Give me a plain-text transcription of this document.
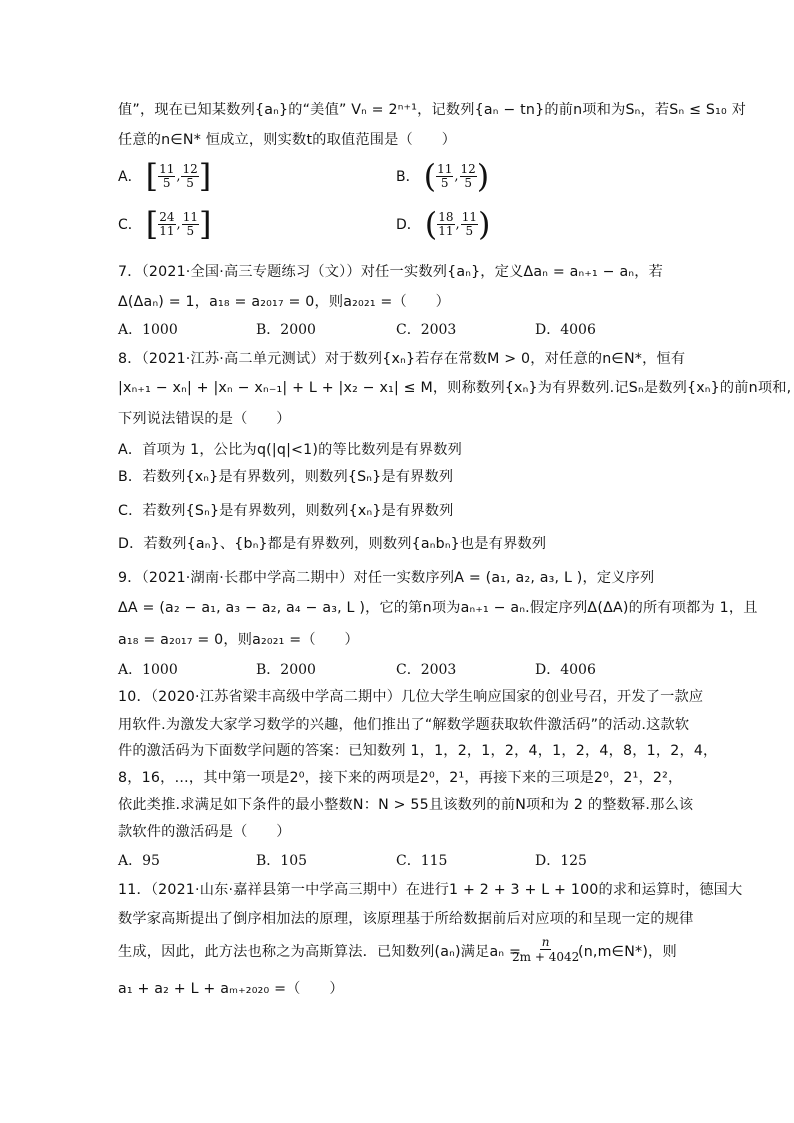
值”，现在已知某数列{aₙ}的“美值” Vₙ = 2ⁿ⁺¹，记数列{aₙ − tn}的前n项和为Sₙ，若Sₙ ≤ S₁₀ 对
任意的n∈N* 恒成立，则实数t的取值范围是（　　）
A． [ $\frac{11}{5}$ , $\frac{12}{5}$ ]	B． ( $\frac{11}{5}$ , $\frac{12}{5}$ )
C． [ $\frac{24}{11}$ , $\frac{11}{5}$ ]	D． ( $\frac{18}{11}$ , $\frac{11}{5}$ )
7．（2021·全国·高三专题练习（文））对任一实数列{aₙ}，定义Δaₙ = aₙ₊₁ − aₙ，若
Δ(Δaₙ) = 1，a₁₈ = a₂₀₁₇ = 0，则a₂₀₂₁ =（　　）
A．1000	B．2000	C．2003	D．4006
8．（2021·江苏·高二单元测试）对于数列{xₙ}若存在常数M > 0，对任意的n∈N*，恒有
|xₙ₊₁ − xₙ| + |xₙ − xₙ₋₁| + L + |x₂ − x₁| ≤ M，则称数列{xₙ}为有界数列.记Sₙ是数列{xₙ}的前n项和,
下列说法错误的是（　　）
A．首项为 1，公比为q(|q|<1)的等比数列是有界数列
B．若数列{xₙ}是有界数列，则数列{Sₙ}是有界数列
C．若数列{Sₙ}是有界数列，则数列{xₙ}是有界数列
D．若数列{aₙ}、{bₙ}都是有界数列，则数列{aₙbₙ}也是有界数列
9．（2021·湖南·长郡中学高二期中）对任一实数序列A = (a₁, a₂, a₃, L )，定义序列
ΔA = (a₂ − a₁, a₃ − a₂, a₄ − a₃, L )，它的第n项为aₙ₊₁ − aₙ.假定序列Δ(ΔA)的所有项都为 1，且
a₁₈ = a₂₀₁₇ = 0，则a₂₀₂₁ =（　　）
A．1000	B．2000	C．2003	D．4006
10．（2020·江苏省梁丰高级中学高二期中）几位大学生响应国家的创业号召，开发了一款应
用软件.为激发大家学习数学的兴趣，他们推出了“解数学题获取软件激活码”的活动.这款软
件的激活码为下面数学问题的答案：已知数列 1，1，2，1，2，4，1，2，4，8，1，2，4，
8，16，…，其中第一项是2⁰，接下来的两项是2⁰，2¹，再接下来的三项是2⁰，2¹，2²，
依此类推.求满足如下条件的最小整数N：N > 55且该数列的前N项和为 2 的整数幂.那么该
款软件的激活码是（　　）
A．95	B．105	C．115	D．125
11．（2021·山东·嘉祥县第一中学高三期中）在进行1 + 2 + 3 + L + 100的求和运算时，德国大
数学家高斯提出了倒序相加法的原理，该原理基于所给数据前后对应项的和呈现一定的规律
生成，因此，此方法也称之为高斯算法．已知数列(aₙ)满足aₙ =
$\frac{n}{2m + 4042}$
(n,m∈N*)，则
a₁ + a₂ + L + aₘ₊₂₀₂₀ =（　　）
